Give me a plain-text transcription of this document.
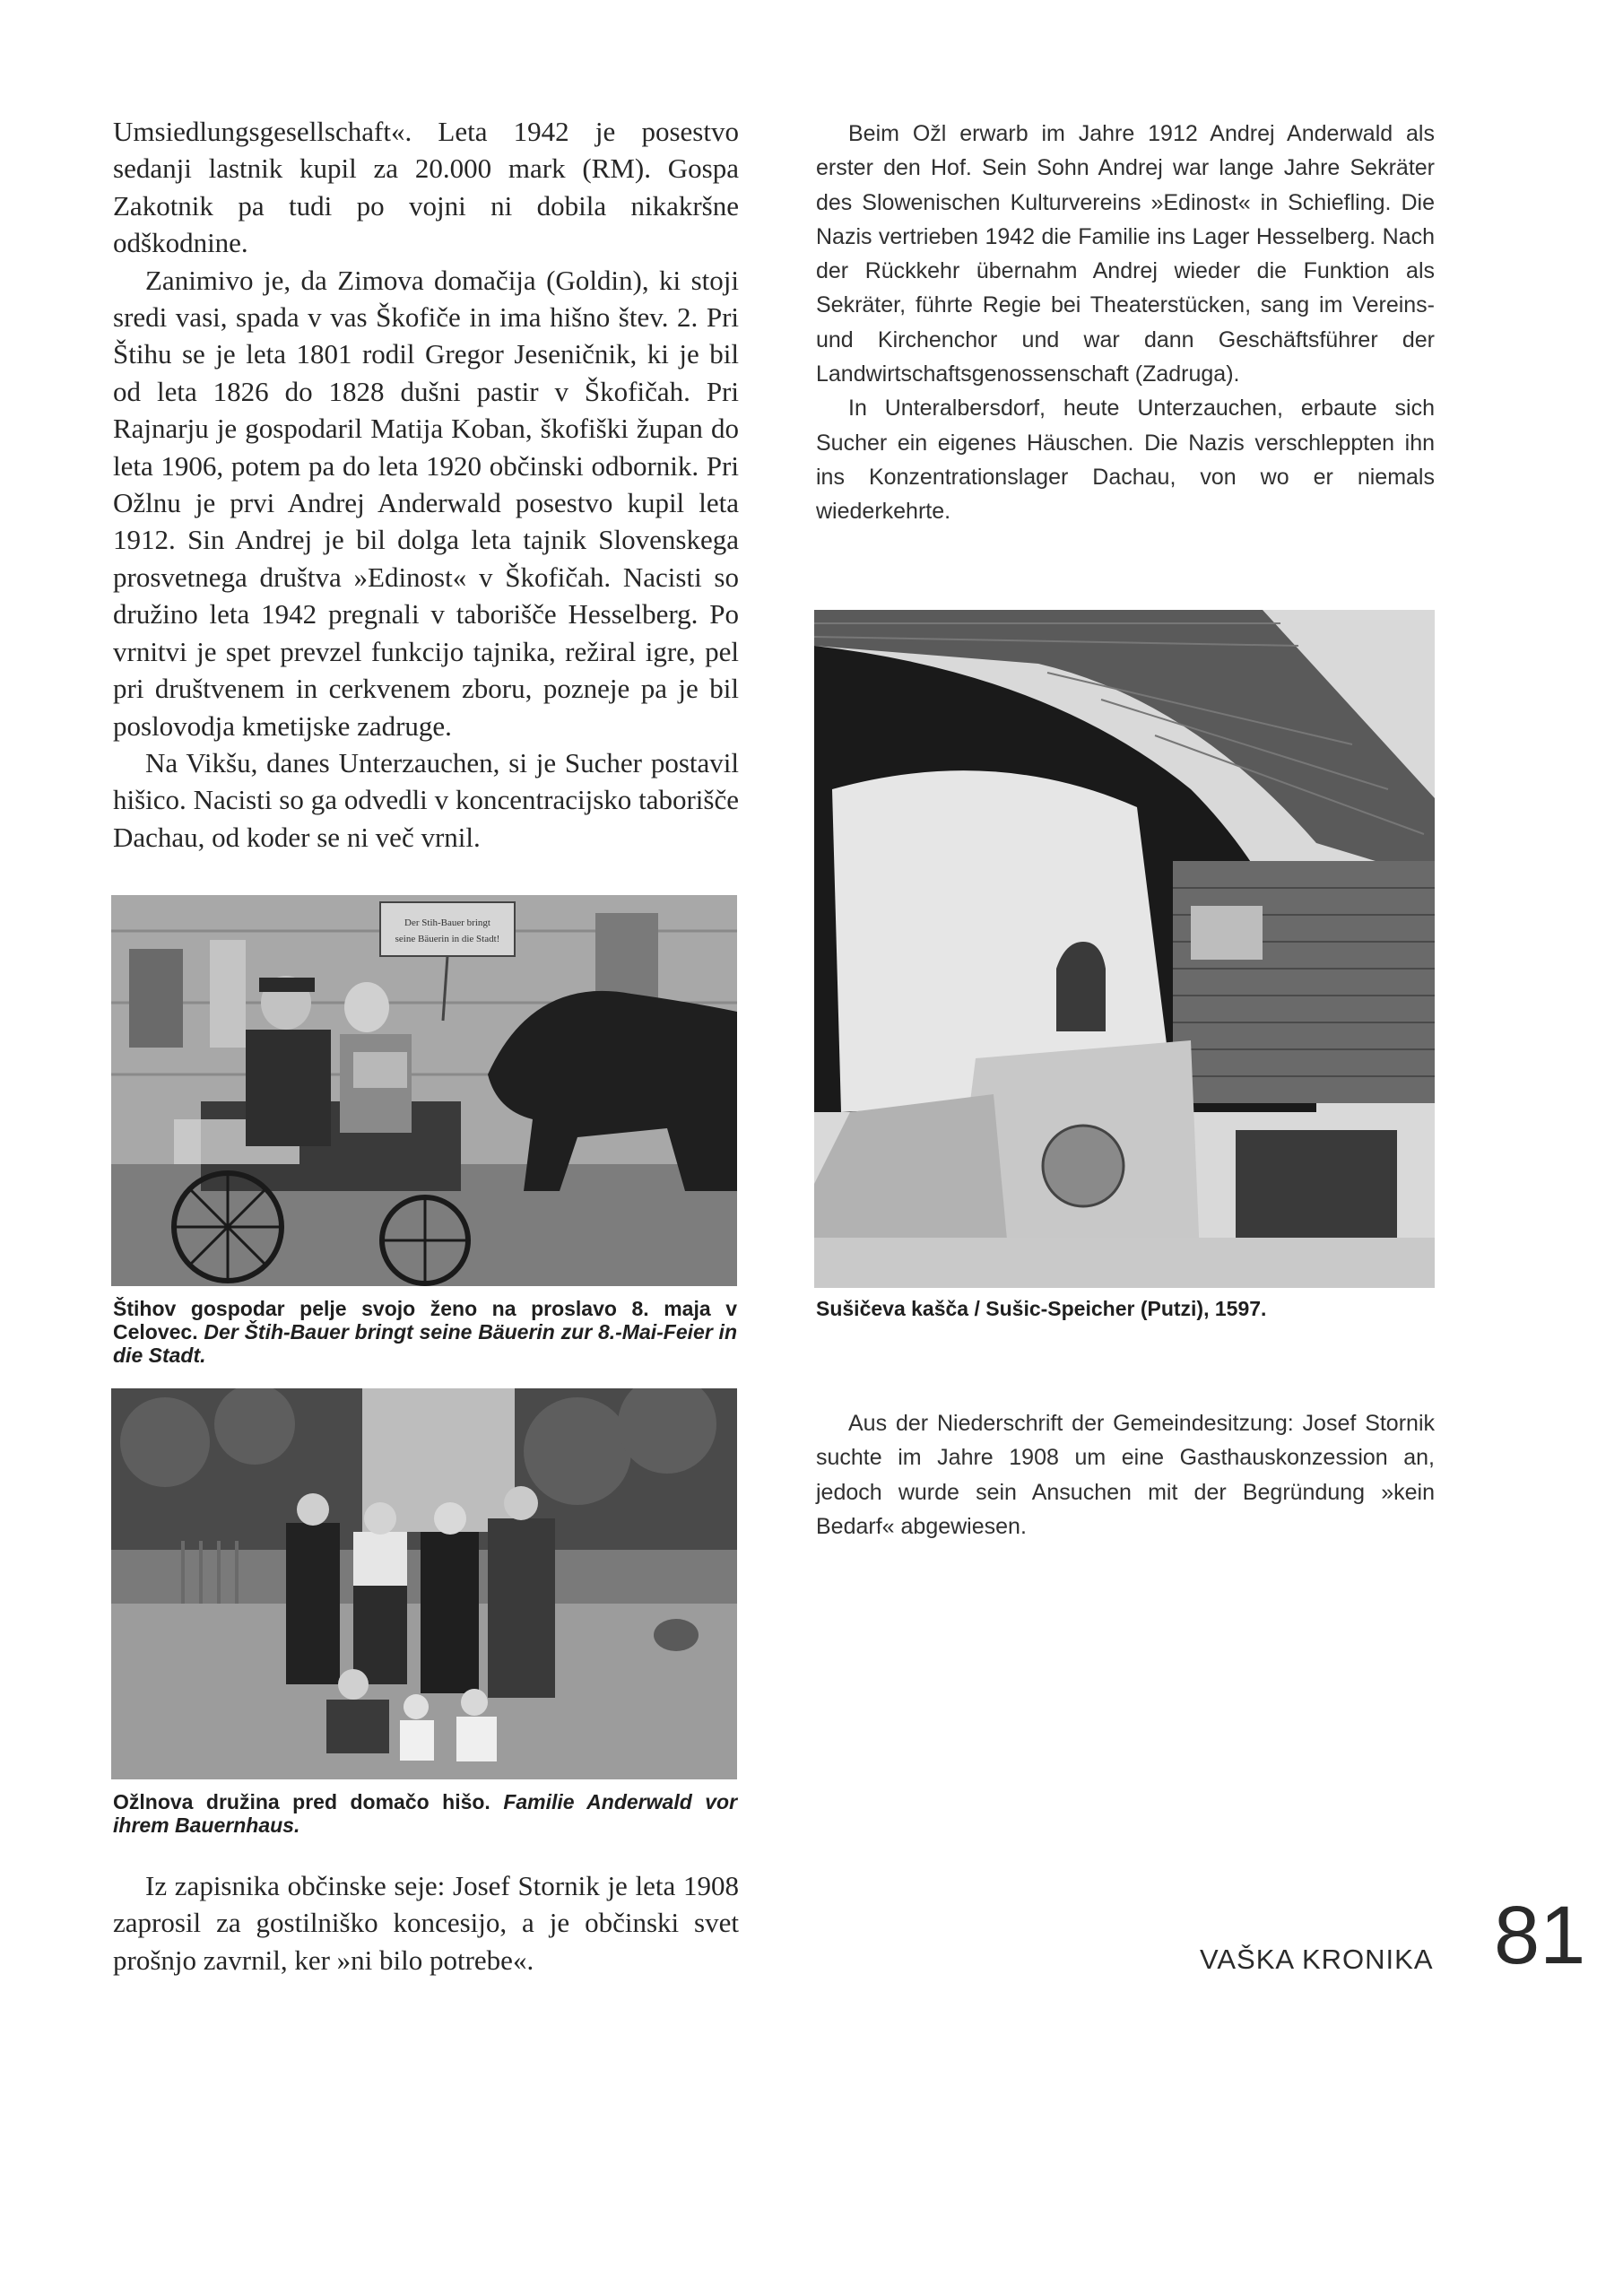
Umsiedlungsgesellschaft«. Leta 1942 je posestvo sedanji lastnik kupil za 20.000 mark (RM). Gospa Zakotnik pa tudi po vojni ni dobila nikakršne odškodnine.

Zanimivo je, da Zimova domačija (Goldin), ki stoji sredi vasi, spada v vas Škofiče in ima hišno štev. 2. Pri Štihu se je leta 1801 rodil Gregor Jeseničnik, ki je bil od leta 1826 do 1828 dušni pastir v Škofičah. Pri Rajnarju je gospodaril Matija Koban, škofiški župan do leta 1906, potem pa do leta 1920 občinski odbornik. Pri Ožlnu je prvi Andrej Anderwald posestvo kupil leta 1912. Sin Andrej je bil dolga leta tajnik Slovenskega prosvetnega društva »Edinost« v Škofičah. Nacisti so družino leta 1942 pregnali v taborišče Hesselberg. Po vrnitvi je spet prevzel funkcijo tajnika, režiral igre, pel pri društvenem in cerkvenem zboru, pozneje pa je bil poslovodja kmetijske zadruge.

Na Vikšu, danes Unterzauchen, si je Sucher postavil hišico. Nacisti so ga odvedli v koncentracijsko taborišče Dachau, od koder se ni več vrnil.

Beim Ožl erwarb im Jahre 1912 Andrej Anderwald als erster den Hof. Sein Sohn Andrej war lange Jahre Sekräter des Slowenischen Kulturvereins »Edinost« in Schiefling. Die Nazis vertrieben 1942 die Familie ins Lager Hesselberg. Nach der Rückkehr übernahm Andrej wieder die Funktion als Sekräter, führte Regie bei Theaterstücken, sang im Vereins- und Kirchenchor und war dann Geschäftsführer der Landwirtschaftsgenossenschaft (Zadruga).

In Unteralbersdorf, heute Unterzauchen, erbaute sich Sucher ein eigenes Häuschen. Die Nazis verschleppten ihn ins Konzentrationslager Dachau, von wo er niemals wiederkehrte.

Der Stih-Bauer bringt
seine Bäuerin in die Stadt!
Štihov gospodar pelje svojo ženo na proslavo 8. maja v Celovec. Der Štih-Bauer bringt seine Bäuerin zur 8.-Mai-Feier in die Stadt.
Ožlnova družina pred domačo hišo. Familie Anderwald vor ihrem Bauernhaus.
Sušičeva kašča / Sušic-Speicher (Putzi), 1597.

Aus der Niederschrift der Gemeindesitzung: Josef Stornik suchte im Jahre 1908 um eine Gasthauskonzession an, jedoch wurde sein Ansuchen mit der Begründung »kein Bedarf« abgewiesen.

Iz zapisnika občinske seje: Josef Stornik je leta 1908 zaprosil za gostilniško koncesijo, a je občinski svet prošnjo zavrnil, ker »ni bilo potrebe«.	VAŠKA KRONIKA 81
